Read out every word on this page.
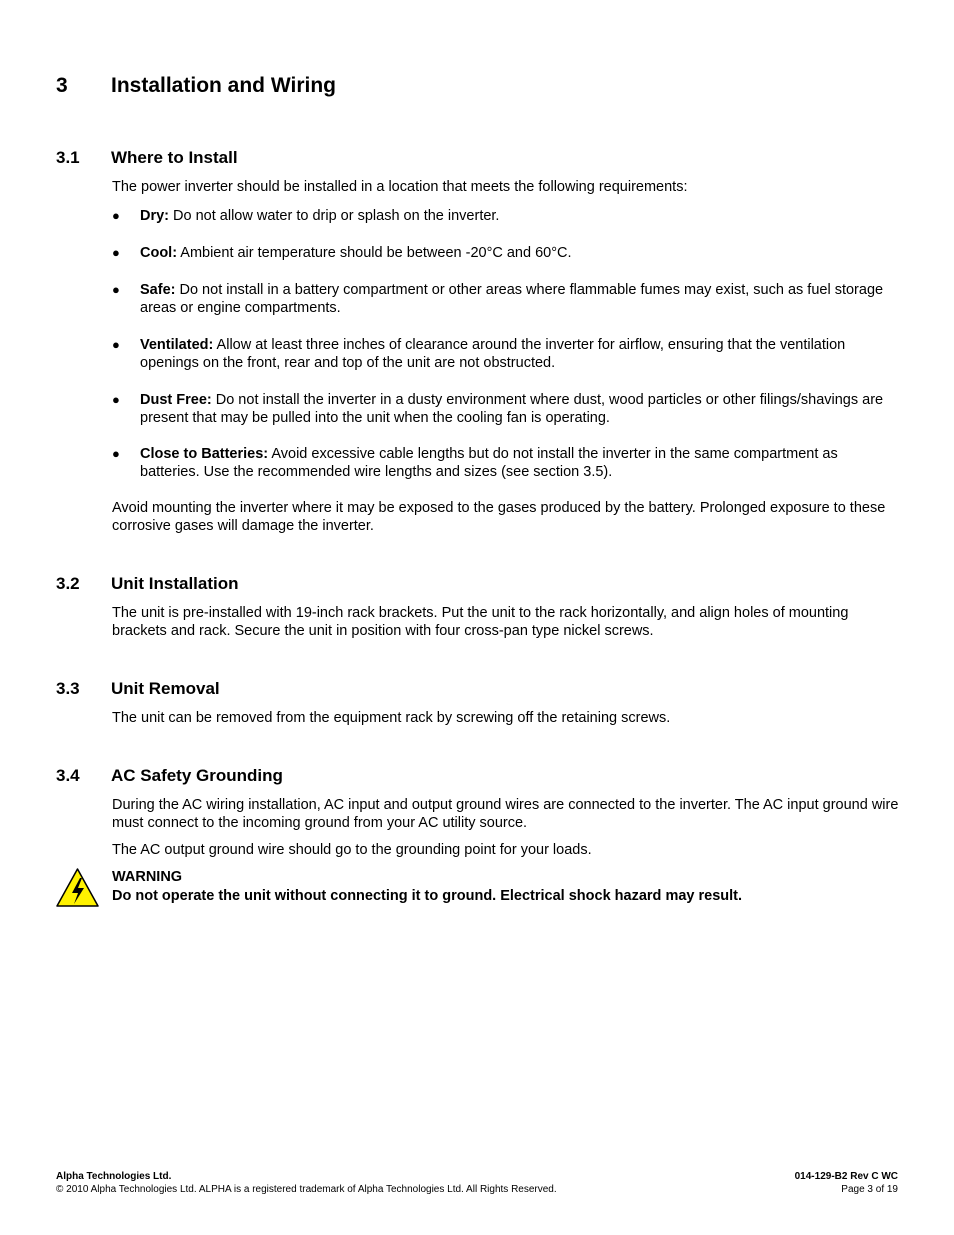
3 Installation and Wiring
3.1 Where to Install
The power inverter should be installed in a location that meets the following requirements:
● Dry: Do not allow water to drip or splash on the inverter.
● Cool: Ambient air temperature should be between -20°C and 60°C.
● Safe: Do not install in a battery compartment or other areas where flammable fumes may exist, such as fuel storage areas or engine compartments.
● Ventilated: Allow at least three inches of clearance around the inverter for airflow, ensuring that the ventilation openings on the front, rear and top of the unit are not obstructed.
● Dust Free: Do not install the inverter in a dusty environment where dust, wood particles or other filings/shavings are present that may be pulled into the unit when the cooling fan is operating.
● Close to Batteries: Avoid excessive cable lengths but do not install the inverter in the same compartment as batteries. Use the recommended wire lengths and sizes (see section 3.5).
Avoid mounting the inverter where it may be exposed to the gases produced by the battery. Prolonged exposure to these corrosive gases will damage the inverter.
3.2 Unit Installation
The unit is pre-installed with 19-inch rack brackets. Put the unit to the rack horizontally, and align holes of mounting brackets and rack. Secure the unit in position with four cross-pan type nickel screws.
3.3 Unit Removal
The unit can be removed from the equipment rack by screwing off the retaining screws.
3.4 AC Safety Grounding
During the AC wiring installation, AC input and output ground wires are connected to the inverter. The AC input ground wire must connect to the incoming ground from your AC utility source.
The AC output ground wire should go to the grounding point for your loads.
WARNING
Do not operate the unit without connecting it to ground. Electrical shock hazard may result.
Alpha Technologies Ltd.
© 2010 Alpha Technologies Ltd. ALPHA is a registered trademark of Alpha Technologies Ltd. All Rights Reserved.
014-129-B2 Rev C WC
Page 3 of 19
